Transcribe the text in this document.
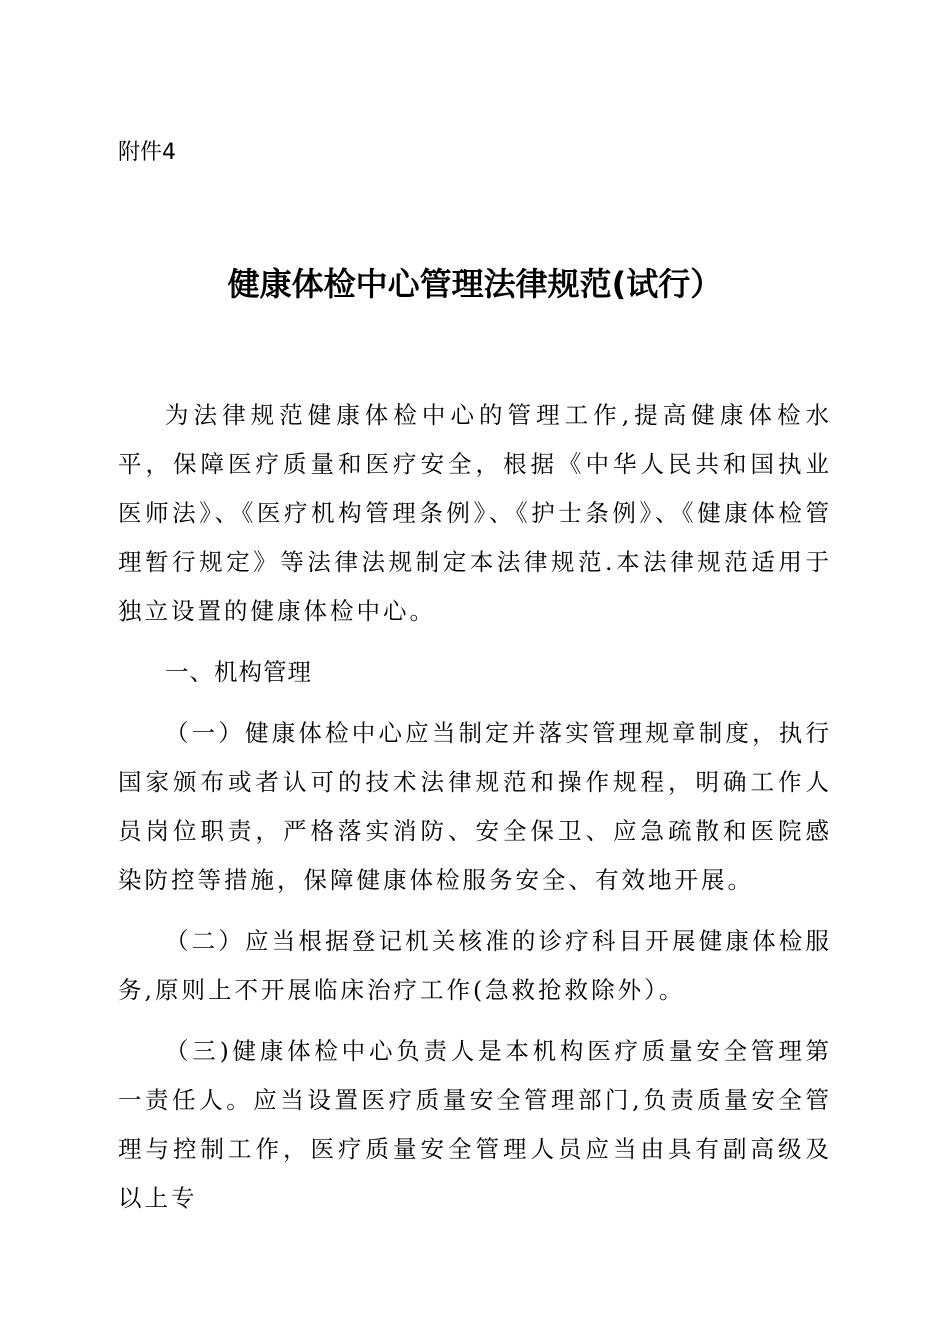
附件4
健康体检中心管理法律规范(试行）

为法律规范健康体检中心的管理工作,提高健康体检水平，保障医疗质量和医疗安全，根据《中华人民共和国执业医师法》、《医疗机构管理条例》、《护士条例》、《健康体检管理暂行规定》等法律法规制定本法律规范.本法律规范适用于独立设置的健康体检中心。

一、机构管理

（一）健康体检中心应当制定并落实管理规章制度，执行国家颁布或者认可的技术法律规范和操作规程，明确工作人员岗位职责，严格落实消防、安全保卫、应急疏散和医院感染防控等措施，保障健康体检服务安全、有效地开展。

（二）应当根据登记机关核准的诊疗科目开展健康体检服务,原则上不开展临床治疗工作(急救抢救除外）。

（三)健康体检中心负责人是本机构医疗质量安全管理第一责任人。应当设置医疗质量安全管理部门,负责质量安全管理与控制工作，医疗质量安全管理人员应当由具有副高级及以上专
